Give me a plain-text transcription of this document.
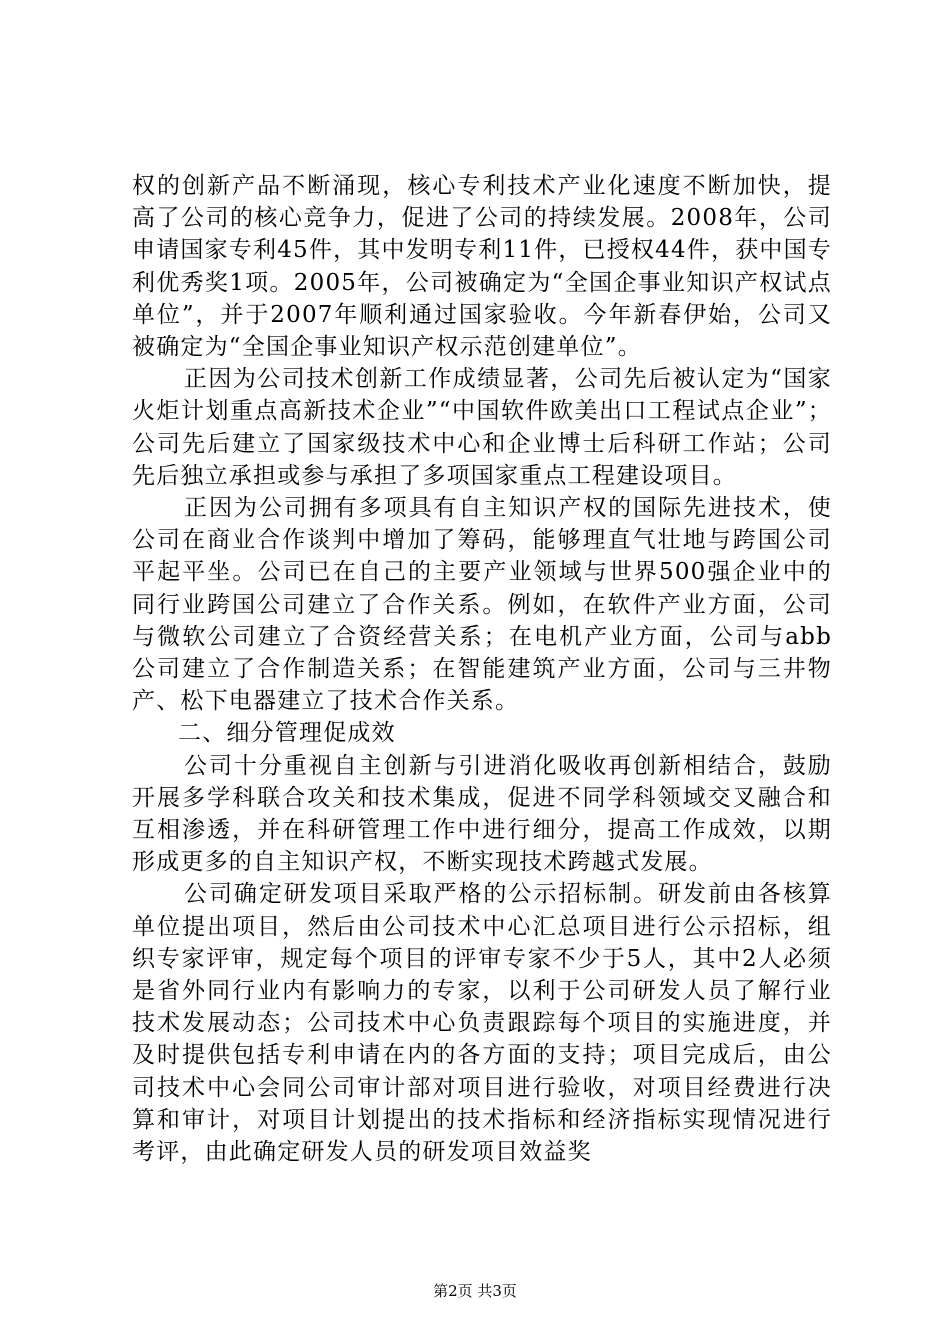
权的创新产品不断涌现，核心专利技术产业化速度不断加快，提高了公司的核心竞争力，促进了公司的持续发展。2008年，公司申请国家专利45件，其中发明专利11件，已授权44件，获中国专利优秀奖1项。2005年，公司被确定为“全国企事业知识产权试点单位”，并于2007年顺利通过国家验收。今年新春伊始，公司又被确定为“全国企事业知识产权示范创建单位”。

正因为公司技术创新工作成绩显著，公司先后被认定为“国家火炬计划重点高新技术企业”“中国软件欧美出口工程试点企业”；公司先后建立了国家级技术中心和企业博士后科研工作站；公司先后独立承担或参与承担了多项国家重点工程建设项目。

正因为公司拥有多项具有自主知识产权的国际先进技术，使公司在商业合作谈判中增加了筹码，能够理直气壮地与跨国公司平起平坐。公司已在自己的主要产业领域与世界500强企业中的同行业跨国公司建立了合作关系。例如，在软件产业方面，公司与微软公司建立了合资经营关系；在电机产业方面，公司与abb公司建立了合作制造关系；在智能建筑产业方面，公司与三井物产、松下电器建立了技术合作关系。

二、细分管理促成效

公司十分重视自主创新与引进消化吸收再创新相结合，鼓励开展多学科联合攻关和技术集成，促进不同学科领域交叉融合和互相渗透，并在科研管理工作中进行细分，提高工作成效，以期形成更多的自主知识产权，不断实现技术跨越式发展。

公司确定研发项目采取严格的公示招标制。研发前由各核算单位提出项目，然后由公司技术中心汇总项目进行公示招标，组织专家评审，规定每个项目的评审专家不少于5人，其中2人必须是省外同行业内有影响力的专家，以利于公司研发人员了解行业技术发展动态；公司技术中心负责跟踪每个项目的实施进度，并及时提供包括专利申请在内的各方面的支持；项目完成后，由公司技术中心会同公司审计部对项目进行验收，对项目经费进行决算和审计，对项目计划提出的技术指标和经济指标实现情况进行考评，由此确定研发人员的研发项目效益奖

第2页 共3页
